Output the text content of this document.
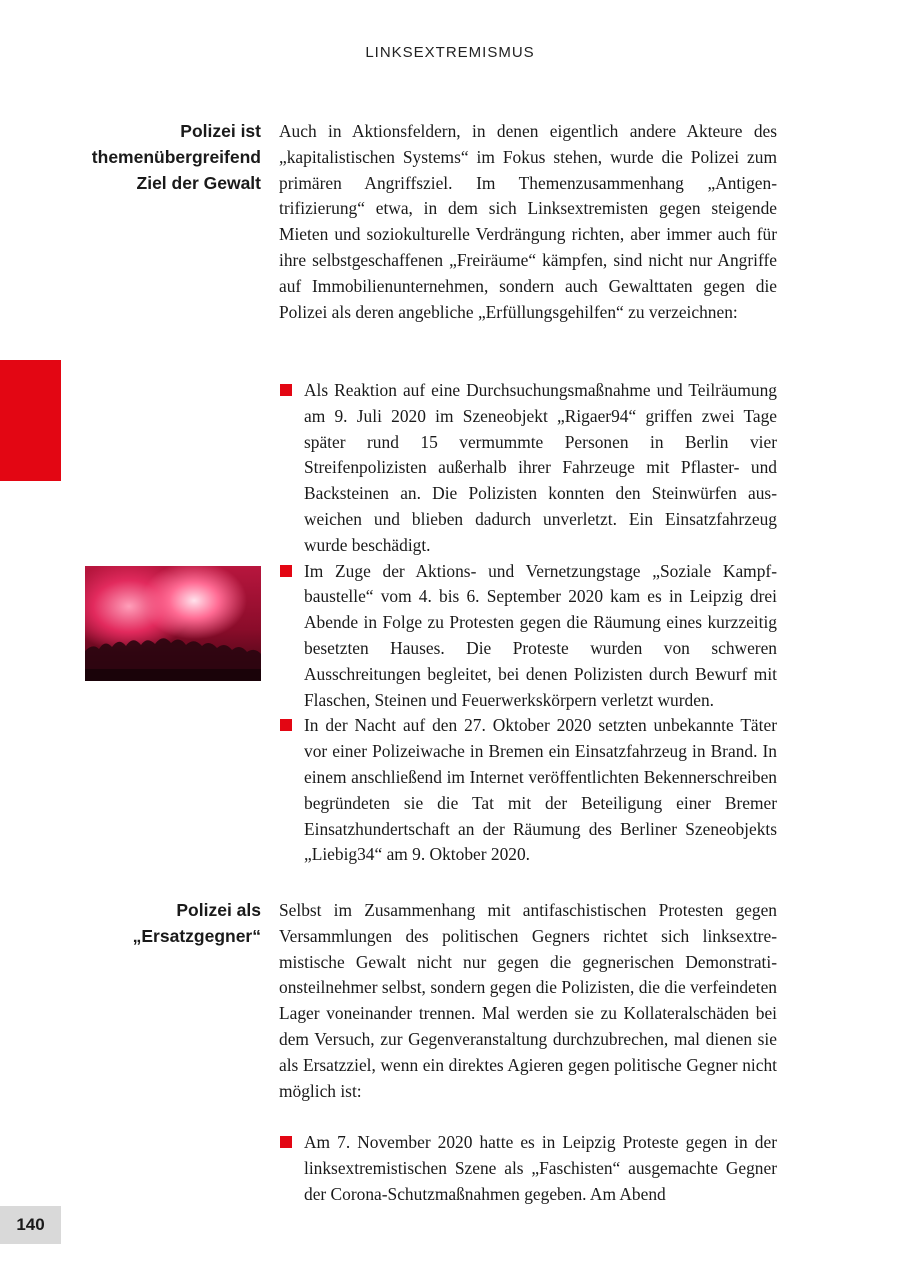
LINKSEXTREMISMUS
Polizei ist
themenübergreifend
Ziel der Gewalt

Auch in Aktionsfeldern, in denen eigentlich andere Akteure des „kapitalistischen Systems“ im Fokus stehen, wurde die Polizei zum primären Angriffsziel. Im Themenzusammenhang „Antigentrifizierung“ etwa, in dem sich Linksextremisten gegen steigende Mieten und soziokulturelle Verdrängung richten, aber immer auch für ihre selbstgeschaffenen „Freiräume“ kämpfen, sind nicht nur Angriffe auf Immobilienunternehmen, sondern auch Gewalttaten gegen die Polizei als deren angebliche „Erfüllungsgehilfen“ zu verzeichnen:

Als Reaktion auf eine Durchsuchungsmaßnahme und Teilräumung am 9. Juli 2020 im Szeneobjekt „Rigaer94“ griffen zwei Tage später rund 15 vermummte Personen in Berlin vier Streifenpolizisten außerhalb ihrer Fahrzeuge mit Pflaster- und Backsteinen an. Die Polizisten konnten den Steinwürfen ausweichen und blieben dadurch unverletzt. Ein Einsatzfahrzeug wurde beschädigt.
Im Zuge der Aktions- und Vernetzungstage „Soziale Kampfbaustelle“ vom 4. bis 6. September 2020 kam es in Leipzig drei Abende in Folge zu Protesten gegen die Räumung eines kurzzeitig besetzten Hauses. Die Proteste wurden von schweren Ausschreitungen begleitet, bei denen Polizisten durch Bewurf mit Flaschen, Steinen und Feuerwerkskörpern verletzt wurden.
In der Nacht auf den 27. Oktober 2020 setzten unbekannte Täter vor einer Polizeiwache in Bremen ein Einsatzfahrzeug in Brand. In einem anschließend im Internet veröffentlichten Bekennerschreiben begründeten sie die Tat mit der Beteiligung einer Bremer Einsatzhundertschaft an der Räumung des Berliner Szeneobjekts „Liebig34“ am 9. Oktober 2020.
Polizei als
„Ersatzgegner“

Selbst im Zusammenhang mit antifaschistischen Protesten gegen Versammlungen des politischen Gegners richtet sich linksextremistische Gewalt nicht nur gegen die gegnerischen Demonstrationsteilnehmer selbst, sondern gegen die Polizisten, die die verfeindeten Lager voneinander trennen. Mal werden sie zu Kollateralschäden bei dem Versuch, zur Gegenveranstaltung durchzubrechen, mal dienen sie als Ersatzziel, wenn ein direktes Agieren gegen politische Gegner nicht möglich ist:

Am 7. November 2020 hatte es in Leipzig Proteste gegen in der linksextremistischen Szene als „Faschisten“ ausgemachte Gegner der Corona-Schutzmaßnahmen gegeben. Am Abend
140
